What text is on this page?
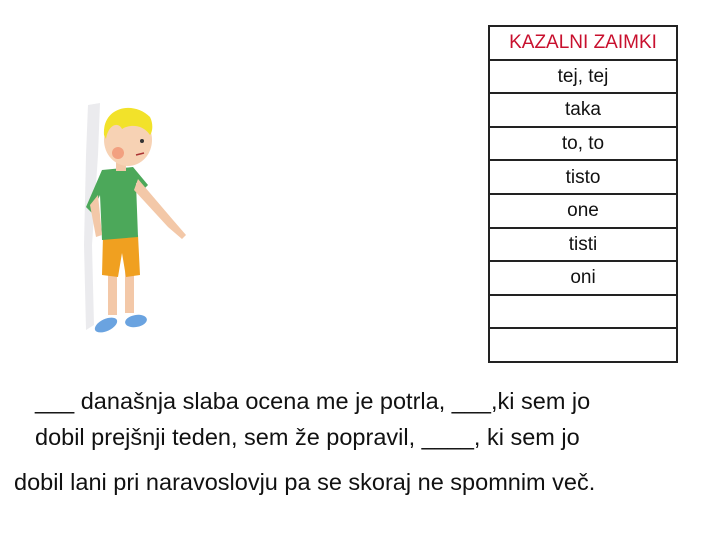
KAZALNI ZAIMKI
tej, tej
taka
to, to
tisto
one
tisti
oni
___ današnja slaba ocena me je potrla, ___,ki sem jo
dobil prejšnji teden, sem že popravil, ____, ki sem jo
dobil lani pri naravoslovju pa se skoraj ne spomnim več.
